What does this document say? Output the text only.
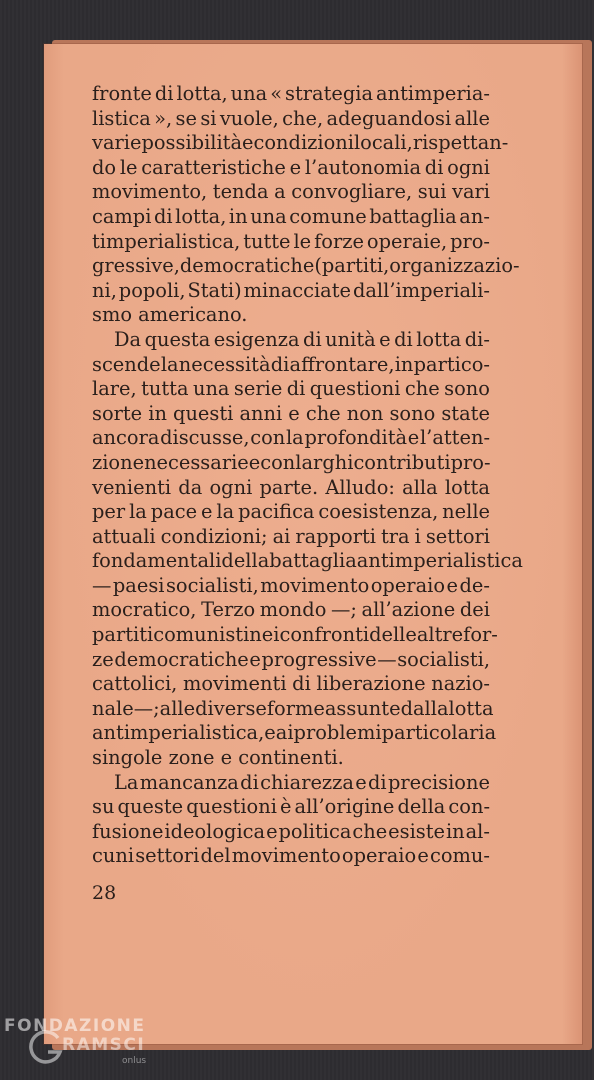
fronte di lotta, una « strategia antimperia-
listica », se si vuole, che, adeguandosi alle
varie possibilità e condizioni locali, rispettan-
do le caratteristiche e l’autonomia di ogni
movimento, tenda a convogliare, sui vari
campi di lotta, in una comune battaglia an-
timperialistica, tutte le forze operaie, pro-
gressive, democratiche (partiti, organizzazio-
ni, popoli, Stati) minacciate dall’imperiali-
smo americano.
Da questa esigenza di unità e di lotta di-
scende la necessità di affrontare, in partico-
lare, tutta una serie di questioni che sono
sorte in questi anni e che non sono state
ancora discusse, con la profondità e l’atten-
zione necessarie e con larghi contributi pro-
venienti da ogni parte. Alludo: alla lotta
per la pace e la pacifica coesistenza, nelle
attuali condizioni; ai rapporti tra i settori
fondamentali della battaglia antimperialistica
— paesi socialisti, movimento operaio e de-
mocratico, Terzo mondo —; all’azione dei
partiti comunisti nei confronti delle altre for-
ze democratiche e progressive — socialisti,
cattolici, movimenti di liberazione nazio-
nale —; alle diverse forme assunte dalla lotta
antimperialistica, e ai problemi particolari a
singole zone e continenti.
La mancanza di chiarezza e di precisione
su queste questioni è all’origine della con-
fusione ideologica e politica che esiste in al-
cuni settori del movimento operaio e comu-
28
FONDAZIONE
RAMSCI
onlus
